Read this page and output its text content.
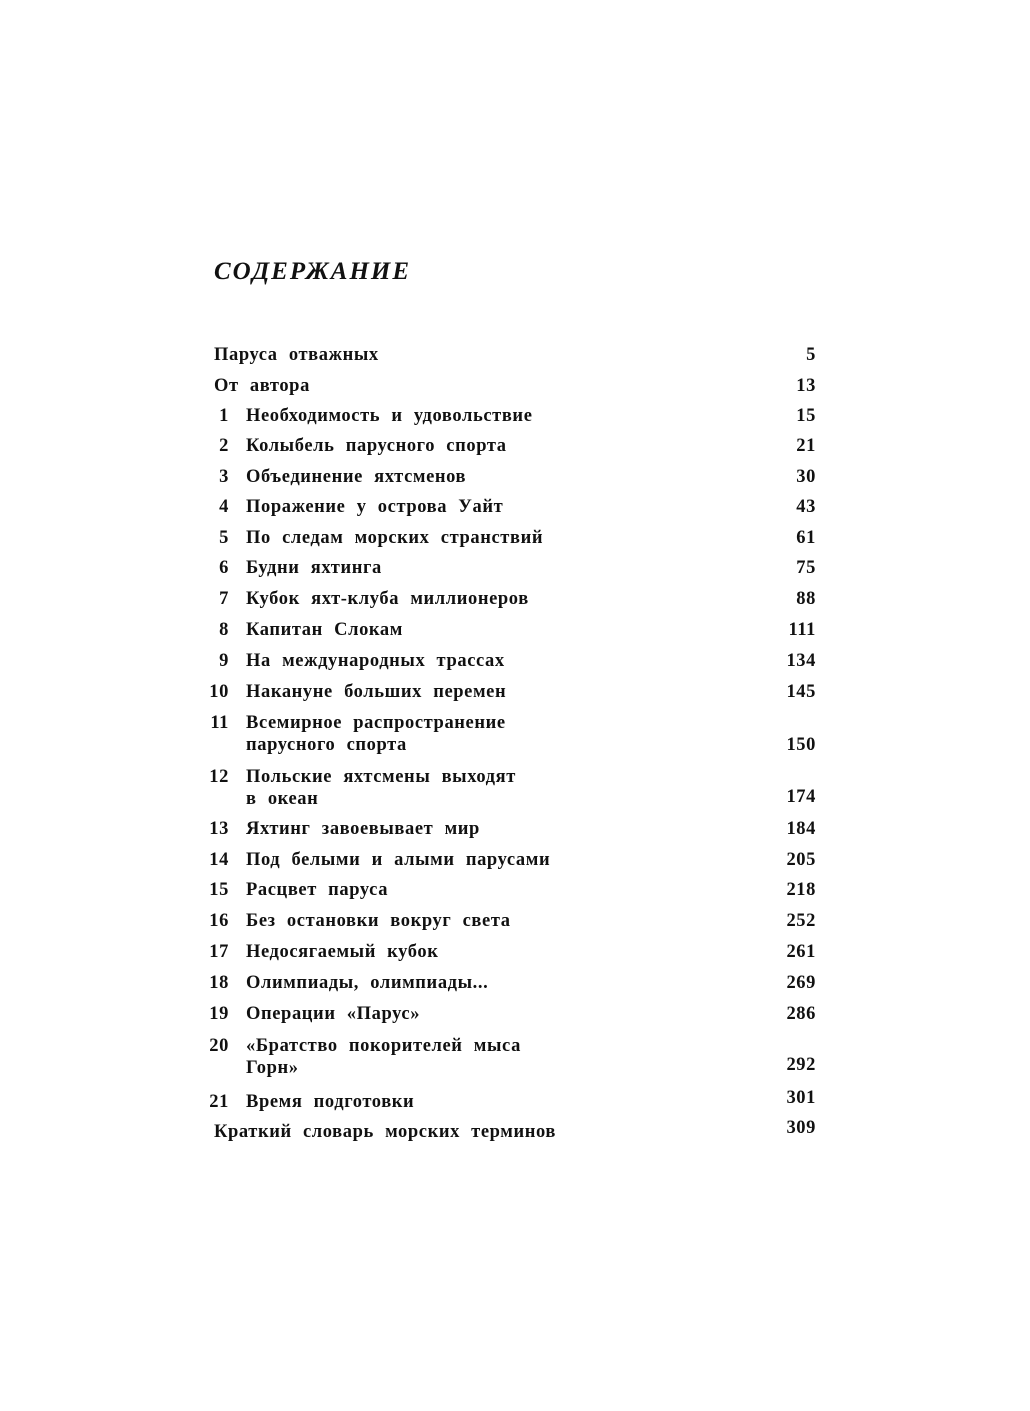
СОДЕРЖАНИЕ
Паруса отважных	5
От автора	13
1 Необходимость и удовольствие	15
2 Колыбель парусного спорта	21
3 Объединение яхтсменов	30
4 Поражение у острова Уайт	43
5 По следам морских странствий	61
6 Будни яхтинга	75
7 Кубок яхт-клуба миллионеров	88
8 Капитан Слокам	111
9 На международных трассах	134
10 Накануне больших перемен	145
11 Всемирное распространение
парусного спорта	150
12 Польские яхтсмены выходят
в океан	174
13 Яхтинг завоевывает мир	184
14 Под белыми и алыми парусами	205
15 Расцвет паруса	218
16 Без остановки вокруг света	252
17 Недосягаемый кубок	261
18 Олимпиады, олимпиады...	269
19 Операции «Парус»	286
20 «Братство покорителей мыса
Горн»	292
21 Время подготовки	301
Краткий словарь морских терминов	309
